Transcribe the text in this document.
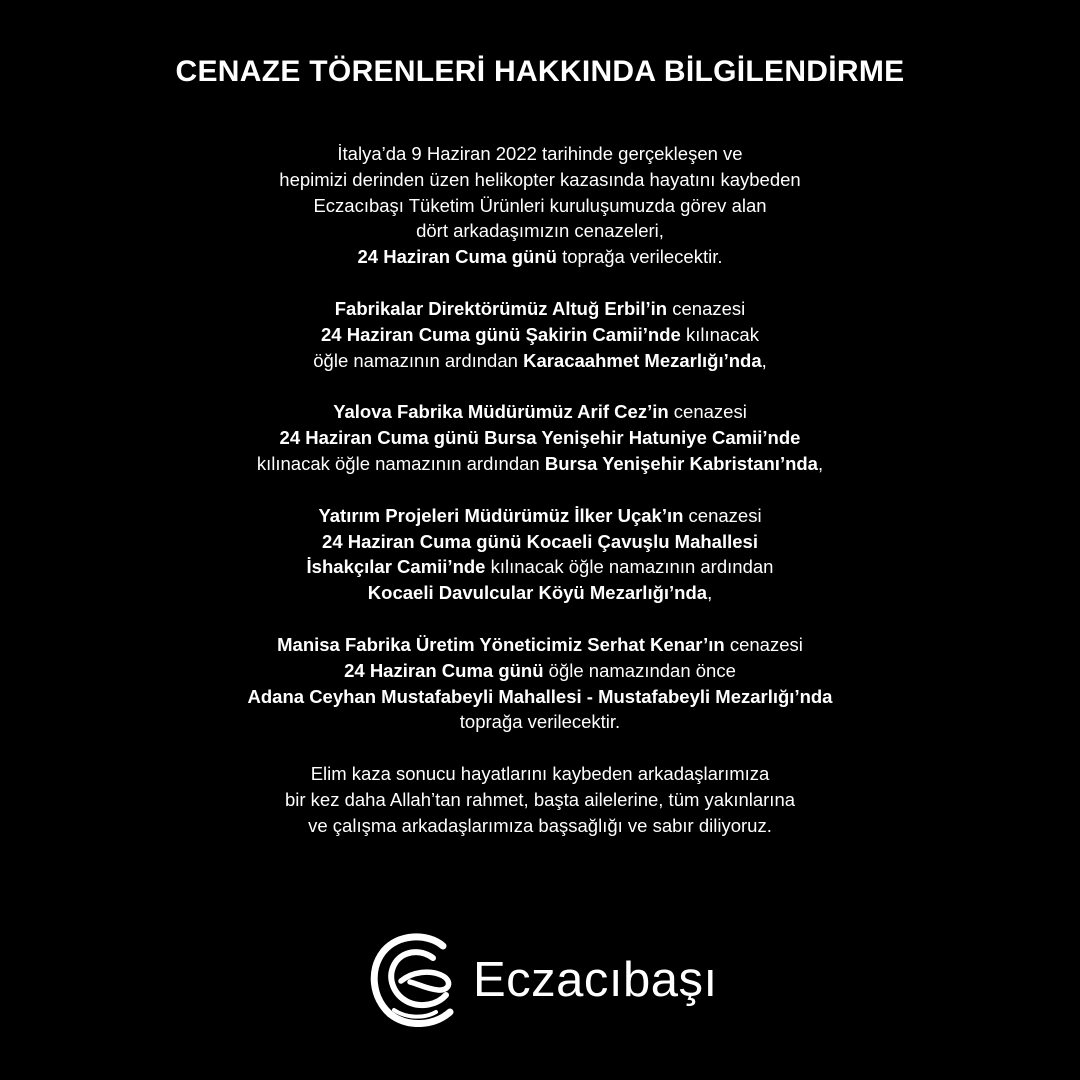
CENAZE TÖRENLERİ HAKKINDA BİLGİLENDİRME
İtalya’da 9 Haziran 2022 tarihinde gerçekleşen ve
hepimizi derinden üzen helikopter kazasında hayatını kaybeden
Eczacıbaşı Tüketim Ürünleri kuruluşumuzda görev alan
dört arkadaşımızın cenazeleri,
24 Haziran Cuma günü toprağa verilecektir.
Fabrikalar Direktörümüz Altuğ Erbil’in cenazesi
24 Haziran Cuma günü Şakirin Camii’nde kılınacak
öğle namazının ardından Karacaahmet Mezarlığı’nda,
Yalova Fabrika Müdürümüz Arif Cez’in cenazesi
24 Haziran Cuma günü Bursa Yenişehir Hatuniye Camii’nde
kılınacak öğle namazının ardından Bursa Yenişehir Kabristanı’nda,
Yatırım Projeleri Müdürümüz İlker Uçak’ın cenazesi
24 Haziran Cuma günü Kocaeli Çavuşlu Mahallesi
İshakçılar Camii’nde kılınacak öğle namazının ardından
Kocaeli Davulcular Köyü Mezarlığı’nda,
Manisa Fabrika Üretim Yöneticimiz Serhat Kenar’ın cenazesi
24 Haziran Cuma günü öğle namazından önce
Adana Ceyhan Mustafabeyli Mahallesi - Mustafabeyli Mezarlığı’nda
toprağa verilecektir.
Elim kaza sonucu hayatlarını kaybeden arkadaşlarımıza
bir kez daha Allah’tan rahmet, başta ailelerine, tüm yakınlarına
ve çalışma arkadaşlarımıza başsağlığı ve sabır diliyoruz.
Eczacıbaşı
